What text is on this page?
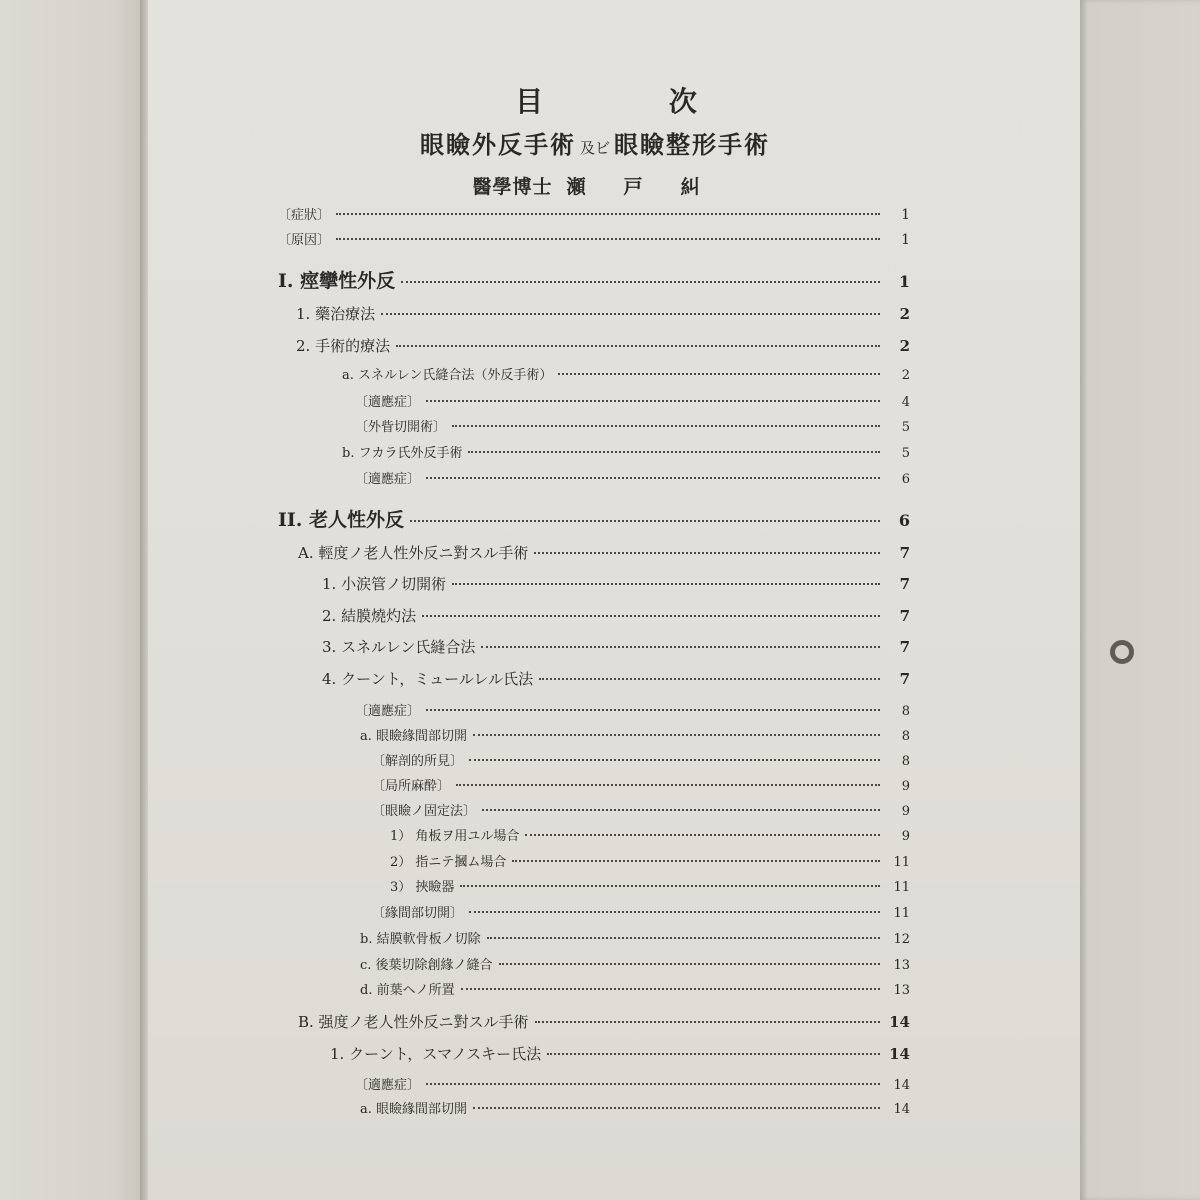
目 次
眼瞼外反手術 及ビ 眼瞼整形手術
醫學博士 瀬戸糾
〔症狀〕	1
〔原因〕	1
I. 痙攣性外反	1
1. 藥治療法	2
2. 手術的療法	2
a. スネルレン氏縫合法（外反手術）	2
〔適應症〕	4
〔外眥切開術〕	5
b. フカラ氏外反手術	5
〔適應症〕	6
II. 老人性外反	6
A. 輕度ノ老人性外反ニ對スル手術	7
1. 小涙管ノ切開術	7
2. 結膜燒灼法	7
3. スネルレン氏縫合法	7
4. クーント，ミュールレル氏法	7
〔適應症〕	8
a. 眼瞼緣間部切開	8
〔解剖的所見〕	8
〔局所麻酔〕	9
〔眼瞼ノ固定法〕	9
1） 角板ヲ用ユル場合	9
2） 指ニテ摑ム場合	11
3） 挾瞼器	11
〔緣間部切開〕	11
b. 結膜軟骨板ノ切除	12
c. 後葉切除創緣ノ縫合	13
d. 前葉ヘノ所置	13
B. 强度ノ老人性外反ニ對スル手術	14
1. クーント，スマノスキー氏法	14
〔適應症〕	14
a. 眼瞼緣間部切開	14
